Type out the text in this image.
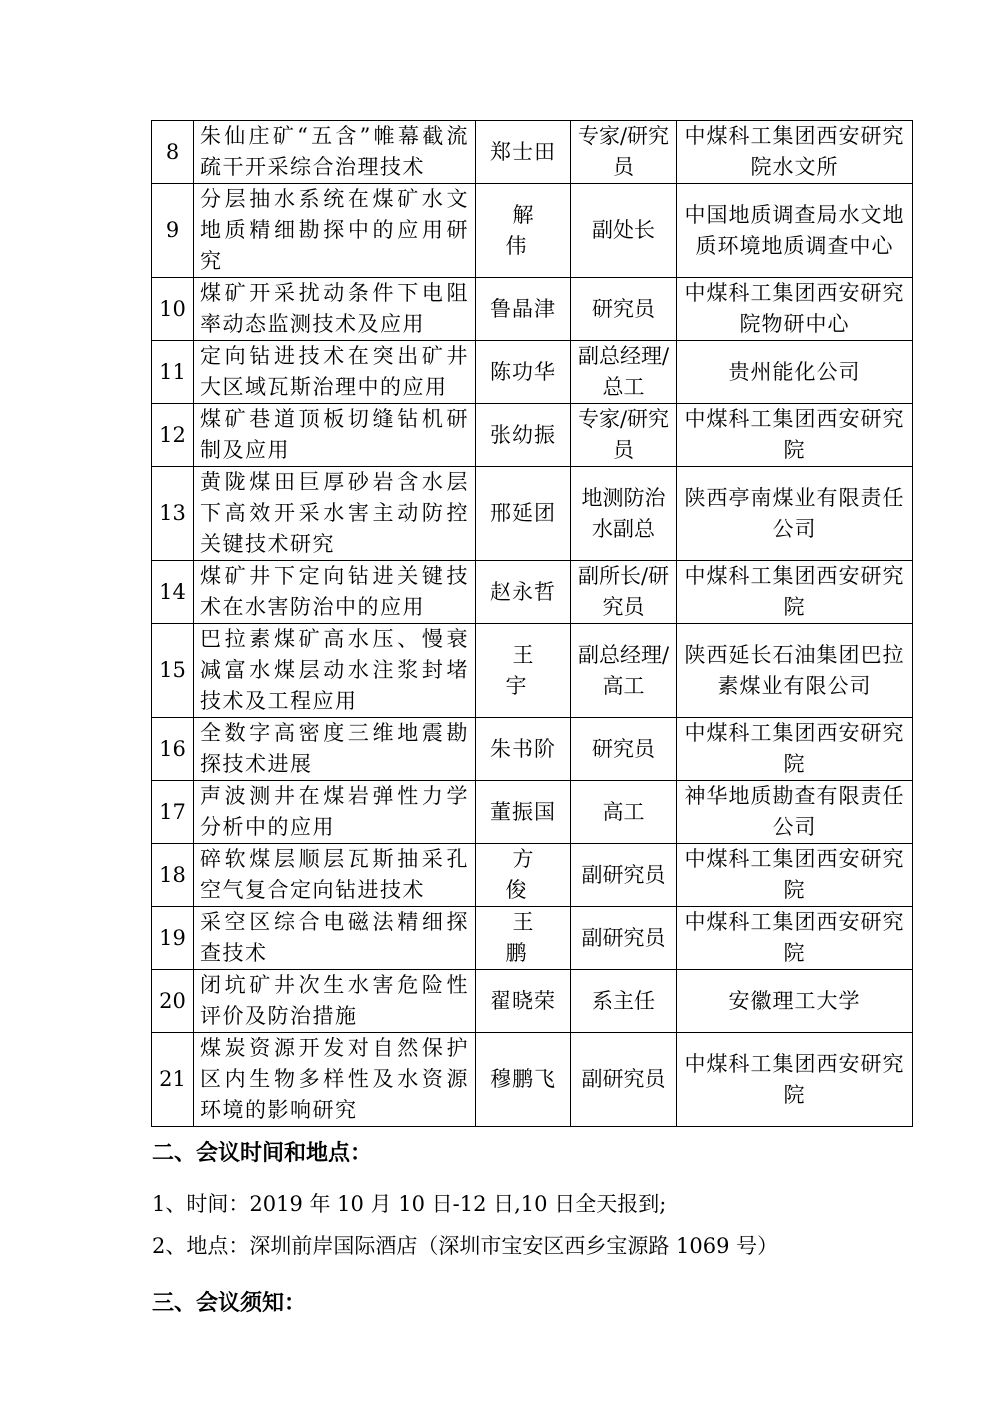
8	朱仙庄矿“五含”帷幕截流疏干开采综合治理技术	郑士田	专家/研究员	中煤科工集团西安研究院水文所
9	分层抽水系统在煤矿水文地质精细勘探中的应用研究	解 伟	副处长	中国地质调查局水文地质环境地质调查中心
10	煤矿开采扰动条件下电阻率动态监测技术及应用	鲁晶津	研究员	中煤科工集团西安研究院物研中心
11	定向钻进技术在突出矿井大区域瓦斯治理中的应用	陈功华	副总经理/总工	贵州能化公司
12	煤矿巷道顶板切缝钻机研制及应用	张幼振	专家/研究员	中煤科工集团西安研究院
13	黄陇煤田巨厚砂岩含水层下高效开采水害主动防控关键技术研究	邢延团	地测防治水副总	陕西亭南煤业有限责任公司
14	煤矿井下定向钻进关键技术在水害防治中的应用	赵永哲	副所长/研究员	中煤科工集团西安研究院
15	巴拉素煤矿高水压、慢衰减富水煤层动水注浆封堵技术及工程应用	王 宇	副总经理/高工	陕西延长石油集团巴拉素煤业有限公司
16	全数字高密度三维地震勘探技术进展	朱书阶	研究员	中煤科工集团西安研究院
17	声波测井在煤岩弹性力学分析中的应用	董振国	高工	神华地质勘查有限责任公司
18	碎软煤层顺层瓦斯抽采孔空气复合定向钻进技术	方 俊	副研究员	中煤科工集团西安研究院
19	采空区综合电磁法精细探查技术	王 鹏	副研究员	中煤科工集团西安研究院
20	闭坑矿井次生水害危险性评价及防治措施	翟晓荣	系主任	安徽理工大学
21	煤炭资源开发对自然保护区内生物多样性及水资源环境的影响研究	穆鹏飞	副研究员	中煤科工集团西安研究院
二、会议时间和地点：
1、时间：2019 年 10 月 10 日-12 日,10 日全天报到;
2、地点：深圳前岸国际酒店（深圳市宝安区西乡宝源路 1069 号）
三、会议须知：
